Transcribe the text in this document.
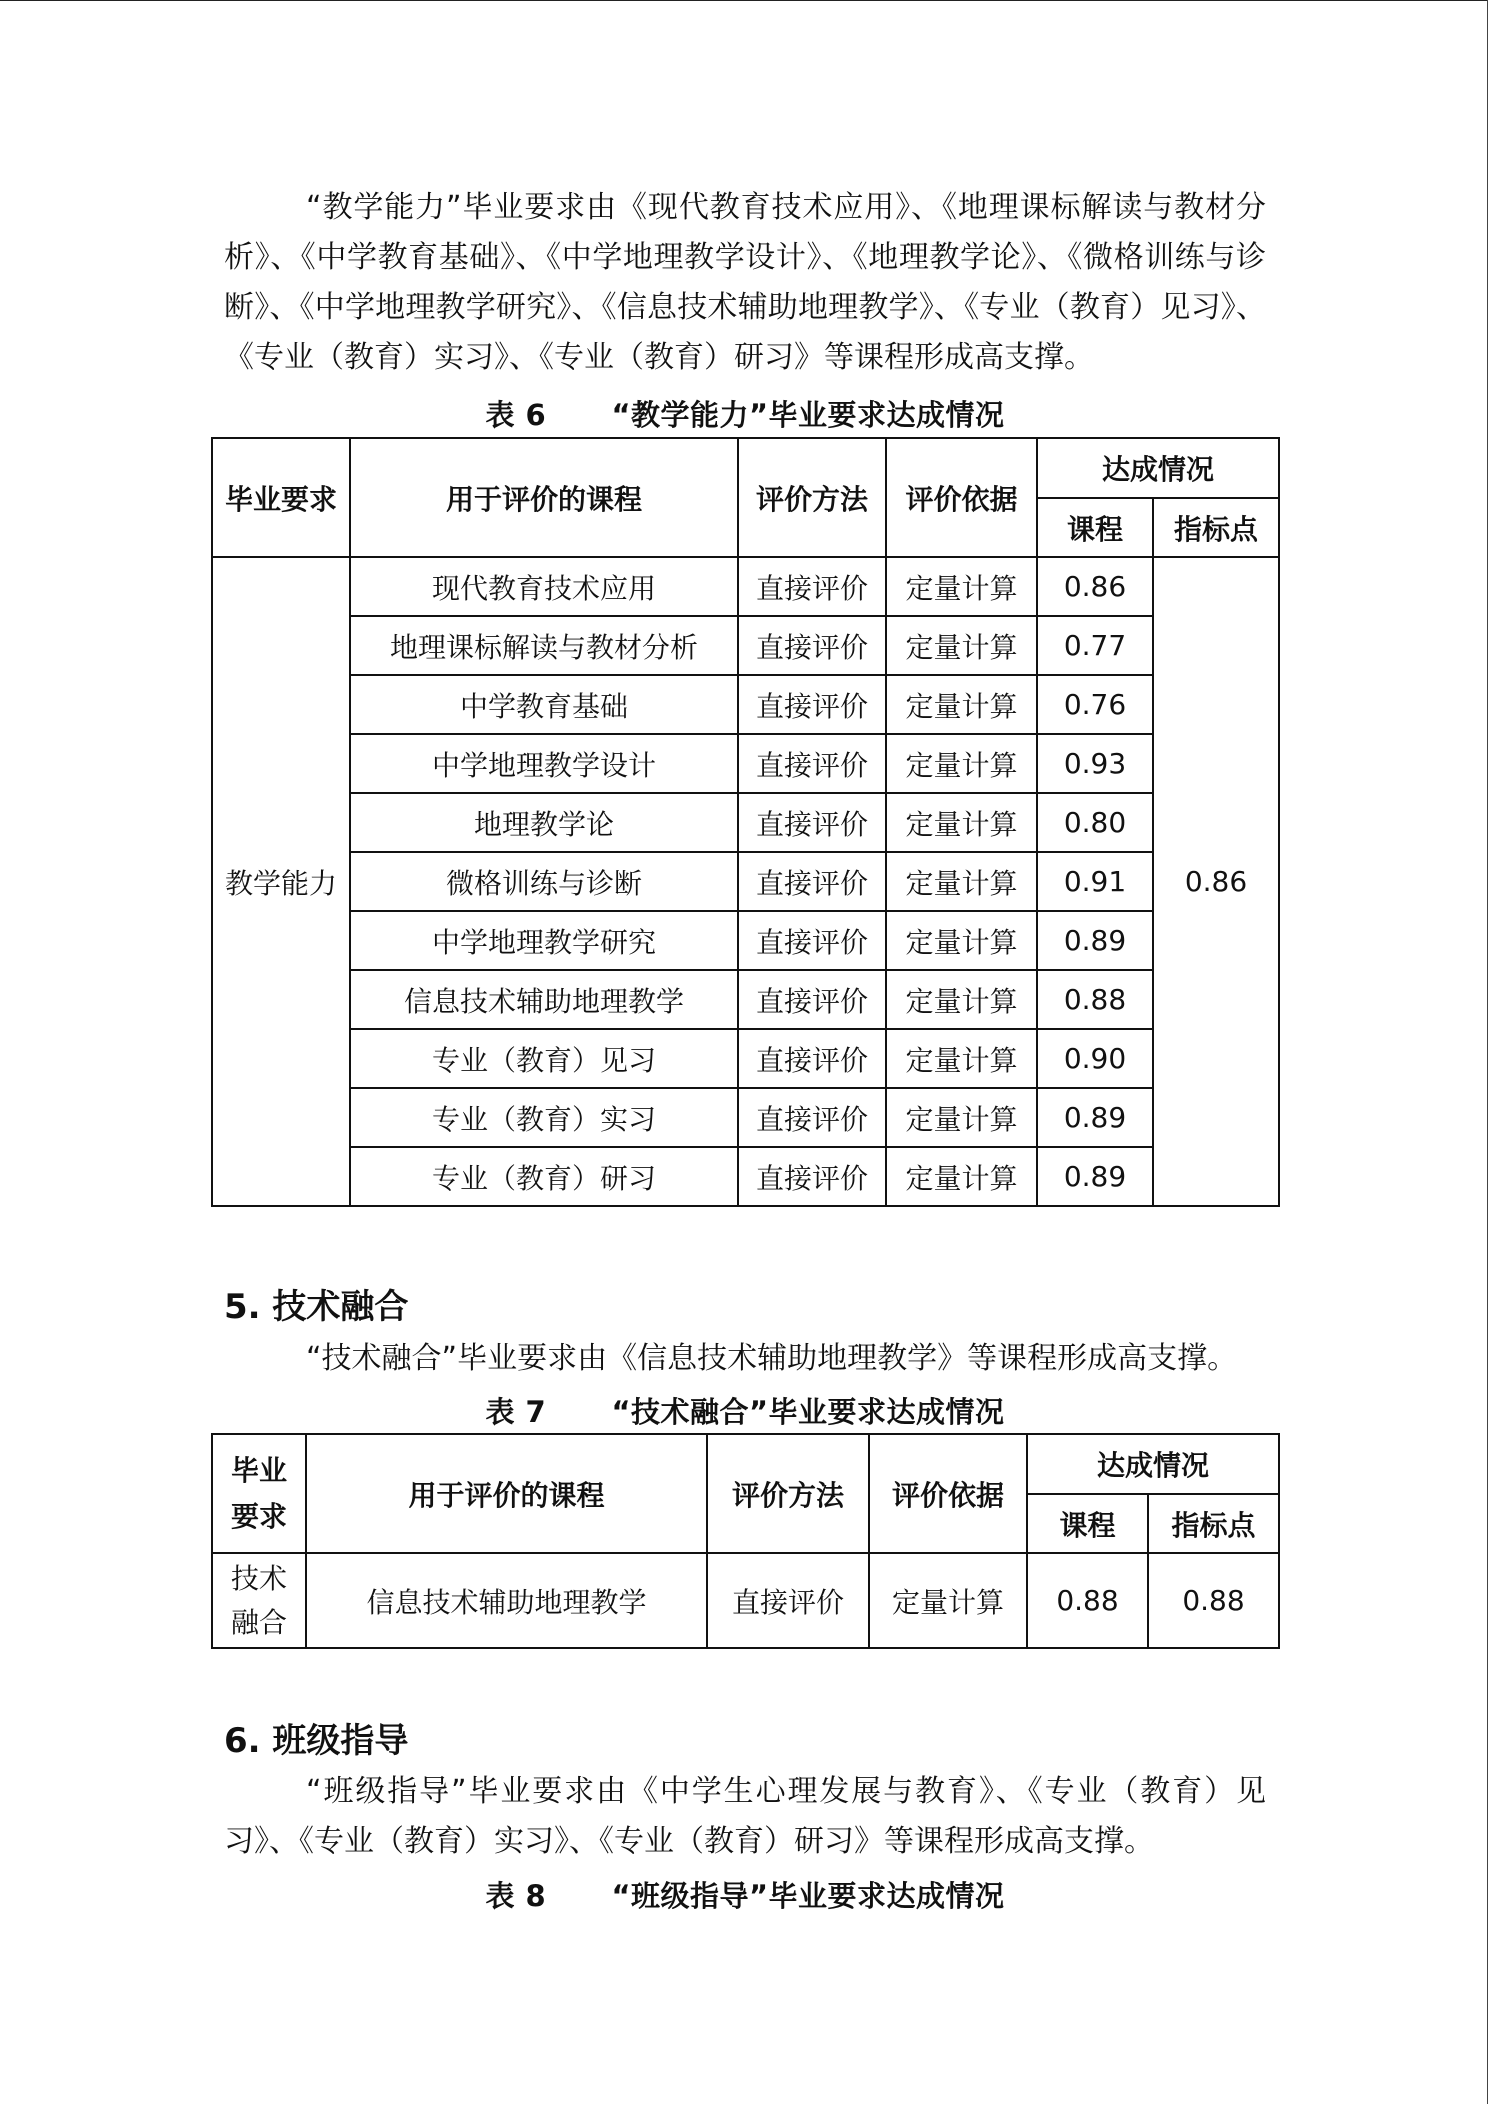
“教学能力”毕业要求由《现代教育技术应用》、《地理课标解读与教材分析》、《中学教育基础》、《中学地理教学设计》、《地理教学论》、《微格训练与诊断》、《中学地理教学研究》、《信息技术辅助地理教学》、《专业（教育）见习》、《专业（教育）实习》、《专业（教育）研习》等课程形成高支撑。

表 6 “教学能力”毕业要求达成情况
毕业要求	用于评价的课程	评价方法	评价依据	达成情况	
				课程	指标点
教学能力	现代教育技术应用	直接评价	定量计算	0.86	0.86
	地理课标解读与教材分析	直接评价	定量计算	0.77	
	中学教育基础	直接评价	定量计算	0.76	
	中学地理教学设计	直接评价	定量计算	0.93	
	地理教学论	直接评价	定量计算	0.80	
	微格训练与诊断	直接评价	定量计算	0.91	
	中学地理教学研究	直接评价	定量计算	0.89	
	信息技术辅助地理教学	直接评价	定量计算	0.88	
	专业（教育）见习	直接评价	定量计算	0.90	
	专业（教育）实习	直接评价	定量计算	0.89	
	专业（教育）研习	直接评价	定量计算	0.89	
5. 技术融合

“技术融合”毕业要求由《信息技术辅助地理教学》等课程形成高支撑。

表 7 “技术融合”毕业要求达成情况
毕业
要求	用于评价的课程	评价方法	评价依据	达成情况	
				课程	指标点

技术
融合	信息技术辅助地理教学	直接评价	定量计算	0.88	0.88
6. 班级指导

“班级指导”毕业要求由《中学生心理发展与教育》、《专业（教育）见习》、《专业（教育）实习》、《专业（教育）研习》等课程形成高支撑。

表 8 “班级指导”毕业要求达成情况
